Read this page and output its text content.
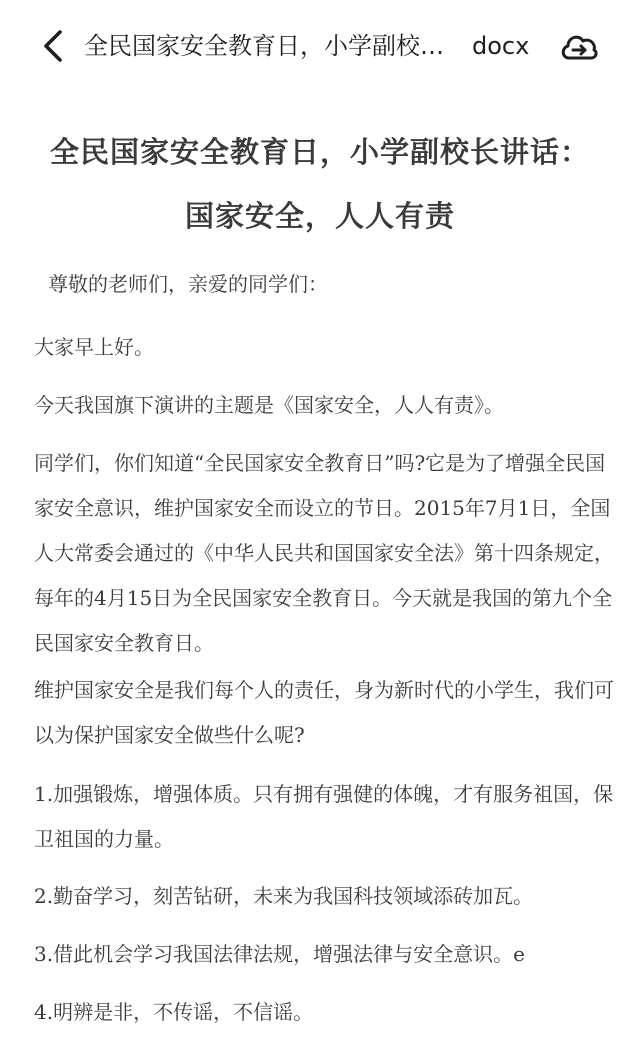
全民国家安全教育日，小学副校…	docx
全民国家安全教育日，小学副校长讲话：
国家安全，人人有责

尊敬的老师们，亲爱的同学们：

大家早上好。

今天我国旗下演讲的主题是《国家安全，人人有责》。

同学们，你们知道“全民国家安全教育日”吗?它是为了增强全民国家安全意识，维护国家安全而设立的节日。2015年7月1日，全国人大常委会通过的《中华人民共和国国家安全法》第十四条规定，每年的4月15日为全民国家安全教育日。今天就是我国的第九个全民国家安全教育日。

维护国家安全是我们每个人的责任，身为新时代的小学生，我们可以为保护国家安全做些什么呢?

1.加强锻炼，增强体质。只有拥有强健的体魄，才有服务祖国，保卫祖国的力量。

2.勤奋学习，刻苦钻研，未来为我国科技领域添砖加瓦。

3.借此机会学习我国法律法规，增强法律与安全意识。e

4.明辨是非，不传谣，不信谣。
